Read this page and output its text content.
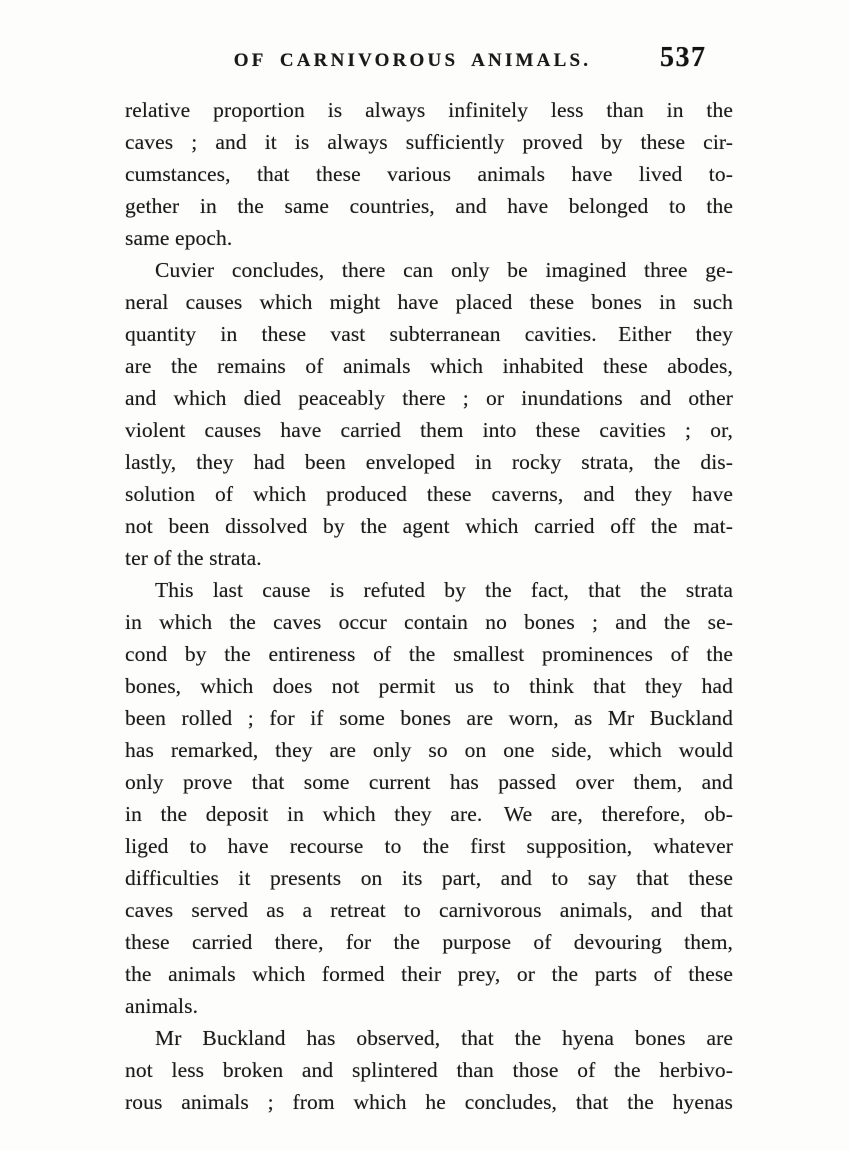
OF CARNIVOROUS ANIMALS.	537
relative proportion is always infinitely less than in the
caves ; and it is always sufficiently proved by these cir-
cumstances, that these various animals have lived to-
gether in the same countries, and have belonged to the
same epoch.
Cuvier concludes, there can only be imagined three ge-
neral causes which might have placed these bones in such
quantity in these vast subterranean cavities. Either they
are the remains of animals which inhabited these abodes,
and which died peaceably there ; or inundations and other
violent causes have carried them into these cavities ; or,
lastly, they had been enveloped in rocky strata, the dis-
solution of which produced these caverns, and they have
not been dissolved by the agent which carried off the mat-
ter of the strata.
This last cause is refuted by the fact, that the strata
in which the caves occur contain no bones ; and the se-
cond by the entireness of the smallest prominences of the
bones, which does not permit us to think that they had
been rolled ; for if some bones are worn, as Mr Buckland
has remarked, they are only so on one side, which would
only prove that some current has passed over them, and
in the deposit in which they are. We are, therefore, ob-
liged to have recourse to the first supposition, whatever
difficulties it presents on its part, and to say that these
caves served as a retreat to carnivorous animals, and that
these carried there, for the purpose of devouring them,
the animals which formed their prey, or the parts of these
animals.
Mr Buckland has observed, that the hyena bones are
not less broken and splintered than those of the herbivo-
rous animals ; from which he concludes, that the hyenas
